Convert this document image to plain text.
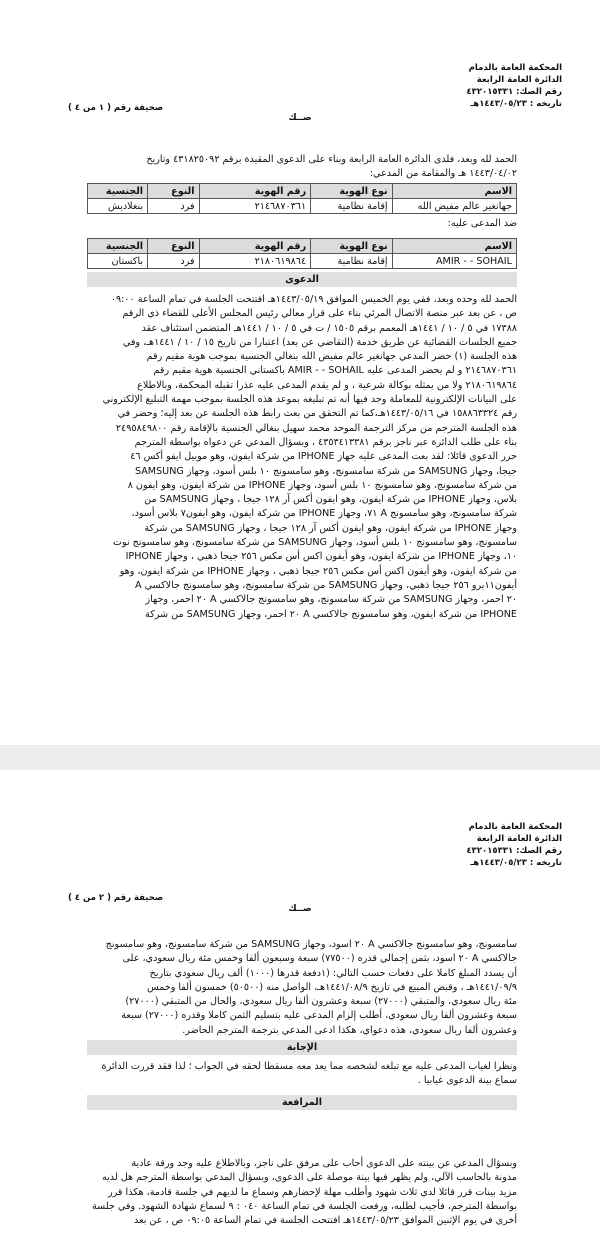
المحكمة العامة بالدمام
الدائرة العامة الرابعة
رقم الصك: ٤٣٢٠١٥٣٣١
تاريخه : ١٤٤٣/٠٥/٢٣هـ
صحيفة رقم ( ١ من ٤ )
صــك
الحمد لله وبعد، فلدى الدائرة العامة الرابعة وبناء على الدعوى المقيدة برقم ٤٣١٨٢٥٠٩٢ وتاريخ
١٤٤٣/٠٤/٠٢ هـ والمقامة من المدعي:
الاسم	نوع الهوية	رقم الهوية	النوع	الجنسية
جهانغير عالم مفيض الله	إقامة نظامية	٢١٤٦٨٧٠٣٦١	فرد	بنغلاديش
ضد المدعى عليه:
الاسم	نوع الهوية	رقم الهوية	النوع	الجنسية
AMIR - - SOHAIL	إقامة نظامية	٢١٨٠٦١٩٨٦٤	فرد	باكستان
الدعوى
الحمد لله وحده وبعد، ففي يوم الخميس الموافق ١٤٤٣/٠٥/١٩هـ افتتحت الجلسة في تمام الساعة ٠٩:٠٠
ص ، عن بعد عبر منصة الاتصال المرئي بناء على قرار معالي رئيس المجلس الأعلى للقضاء ذي الرقم
١٧٣٨٨ في ٥ / ١٠ / ١٤٤١هـ المعمم برقم ١٥٠٥ / ت في ٥ / ١٠ / ١٤٤١هـ المتضمن استئناف عقد
جميع الجلسات القضائية عن طريق خدمة (التقاضي عن بعد) اعتبارا من تاريخ ١٥ / ١٠ / ١٤٤١هـ، وفي
هذه الجلسة (١) حضر المدعي جهانغير عالم مفيض الله بنغالي الجنسية بموجب هوية مقيم رقم
٢١٤٦٨٧٠٣٦١ و لم يحضر المدعى عليه AMIR - - SOHAIL باكستاني الجنسية هوية مقيم رقم
٢١٨٠٦١٩٨٦٤ ولا من يمثله بوكالة شرعية ، و لم يقدم المدعى عليه عذرا تقبله المحكمة، وبالاطلاع
على البيانات الإلكترونية للمعاملة وجد فيها أنه تم تبليغه بموعد هذه الجلسة بموجب مهمة التبليغ الإلكتروني
رقم ١٥٨٨٦٣٣٢٤ في ١٤٤٣/٠٥/١٦هـ،كما تم التحقق من بعث رابط هذه الجلسة عن بعد إليه؛ وحضر في
هذه الجلسة المترجم من مركز الترجمة الموحد محمد سهيل بنغالي الجنسية بالإقامة رقم ٢٤٩٥٨٤٩٨٠٠
بناء على طلب الدائرة عبر ناجز برقم ٤٣٥٣٤١٣٣٨١ ، وبسؤال المدعي عن دعواه بواسطة المترجم
حرر الدعوى قائلا: لقد بعت المدعى عليه جهاز IPHONE من شركة ايفون، وهو موبيل ايفو أكس ٤٦
جيجا، وجهاز SAMSUNG من شركة سامسونج، وهو سامسونج ١٠ بلس أسود، وجهاز SAMSUNG
من شركة سامسونج، وهو سامسونج ١٠ بلس أسود، وجهاز IPHONE من شركة ايفون، وهو ايفون ٨
بلاس، وجهاز IPHONE من شركة ايفون، وهو ايفون أكس آر ١٢٨ جيجا ، وجهاز SAMSUNG من
شركة سامسونج، وهو سامسونج A ٧١، وجهاز IPHONE من شركة ايفون، وهو ايفون٧ بلاس أسود،
وجهاز IPHONE من شركة ايفون، وهو ايفون أكس آر ١٢٨ جيجا ، وجهاز SAMSUNG من شركة
سامسونج، وهو سامسونج ١٠ بلس أسود، وجهاز SAMSUNG من شركة سامسونج، وهو سامسونج نوت
١٠، وجهاز IPHONE من شركة ايفون، وهو أيفون اكس أس مكس ٢٥٦ جيجا ذهبي ، وجهاز IPHONE
من شركة ايفون، وهو أيفون اكس أس مكس ٢٥٦ جيجا ذهبي ، وجهاز IPHONE من شركة ايفون، وهو
أيفون١١برو ٢٥٦ جيجا ذهبي، وجهاز SAMSUNG من شركة سامسونج، وهو سامسونج جالاكسي A
٢٠ احمر، وجهاز SAMSUNG من شركة سامسونج، وهو سامسونج جالاكسي A ٢٠ احمر، وجهاز
IPHONE من شركة ايفون، وهو سامسونج جالاكسي A ٢٠ احمر، وجهاز SAMSUNG من شركة
المحكمة العامة بالدمام
الدائرة العامة الرابعة
رقم الصك: ٤٣٢٠١٥٣٣١
تاريخه : ١٤٤٣/٠٥/٢٣هـ
صحيفة رقم ( ٢ من ٤ )
صــك
سامسونج، وهو سامسونج جالاكسي A ٢٠ اسود، وجهاز SAMSUNG من شركة سامسونج، وهو سامسونج
جالاكسي A ٢٠ اسود، بثمن إجمالي قدره (٧٧٥٠٠) سبعة وسبعون ألفا وخمس مئة ريال سعودي، على
أن يسدد المبلغ كاملا على دفعات حسب التالي: (١دفعة قدرها (١٠٠٠) ألف ريال سعودي بتاريخ
١٤٤١/٠٩/٩هـ ، وقبض المبيع في تاريخ ١٤٤١/٠٨/٩هـ، الواصل منه (٥٠٥٠٠) خمسون ألفا وخمس
مئة ريال سعودي، والمتبقي (٢٧٠٠٠) سبعة وعشرون ألفا ريال سعودي، والحال من المتبقي (٢٧٠٠٠)
سبعة وعشرون ألفا ريال سعودي، أطلب إلزام المدعى عليه بتسليم الثمن كاملا وقدره (٢٧٠٠٠) سبعة
وعشرون ألفا ريال سعودي، هذه دعواي، هكذا ادعى المدعي بترجمة المترجم الحاضر.
الإجابة
ونظرا لغياب المدعى عليه مع تبلغه لشخصه مما يعد معه مسقطا لحقه في الجواب ؛ لذا فقد قررت الدائرة
سماع بينة الدعوى غيابيا .
المرافعة
وبسؤال المدعي عن بينته على الدعوى أحاب على مرفق على ناجز، وبالاطلاع عليه وجد ورقة عادية
مدونة بالحاسب الآلي، ولم يظهر فيها بينة موصلة على الدعوى، وبسؤال المدعي بواسطة المترجم هل لديه
مزيد بينات قرر قائلا لدي ثلاث شهود وأطلب مهلة لإحضارهم وسماع ما لديهم في جلسة قادمة، هكذا قرر
بواسطة المترجم، فأجيب لطلبه، ورفعت الجلسة في تمام الساعة ٠٤٠ : ٩ لسماع شهادة الشهود. وفي جلسة
أخرى في يوم الإثنين الموافق ١٤٤٣/٠٥/٢٣هـ افتتحت الجلسة في تمام الساعة ٠٩:٠٥ ص ، عن بعد
